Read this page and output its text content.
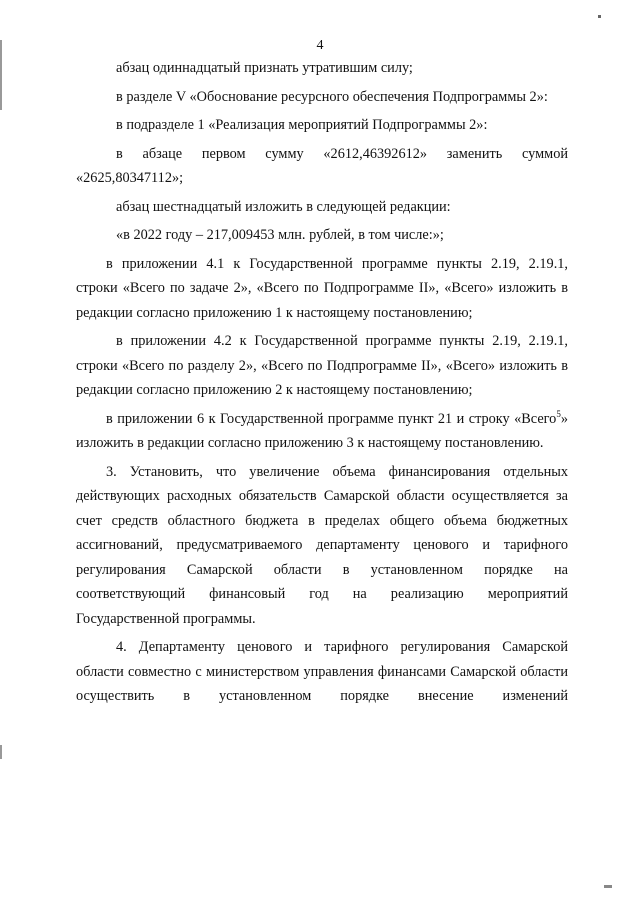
4

абзац одиннадцатый признать утратившим силу;

в разделе V «Обоснование ресурсного обеспечения Подпрограммы 2»:

в подразделе 1 «Реализация мероприятий Подпрограммы 2»:

в абзаце первом сумму «2612,46392612» заменить суммой «2625,80347112»;

абзац шестнадцатый изложить в следующей редакции:

«в 2022 году – 217,009453 млн. рублей, в том числе:»;

в приложении 4.1 к Государственной программе пункты 2.19, 2.19.1, строки «Всего по задаче 2», «Всего по Подпрограмме II», «Всего» изложить в редакции согласно приложению 1 к настоящему постановлению;

в приложении 4.2 к Государственной программе пункты 2.19, 2.19.1, строки «Всего по разделу 2», «Всего по Подпрограмме II», «Всего» изложить в редакции согласно приложению 2 к настоящему постановлению;

в приложении 6 к Государственной программе пункт 21 и строку «Всего$^5$» изложить в редакции согласно приложению 3 к настоящему постановлению.

3. Установить, что увеличение объема финансирования отдельных действующих расходных обязательств Самарской области осуществляется за счет средств областного бюджета в пределах общего объема бюджетных ассигнований, предусматриваемого департаменту ценового и тарифного регулирования Самарской области в установленном порядке на соответствующий финансовый год на реализацию мероприятий Государственной программы.

4. Департаменту ценового и тарифного регулирования Самарской области совместно с министерством управления финансами Самарской области осуществить в установленном порядке внесение изменений
